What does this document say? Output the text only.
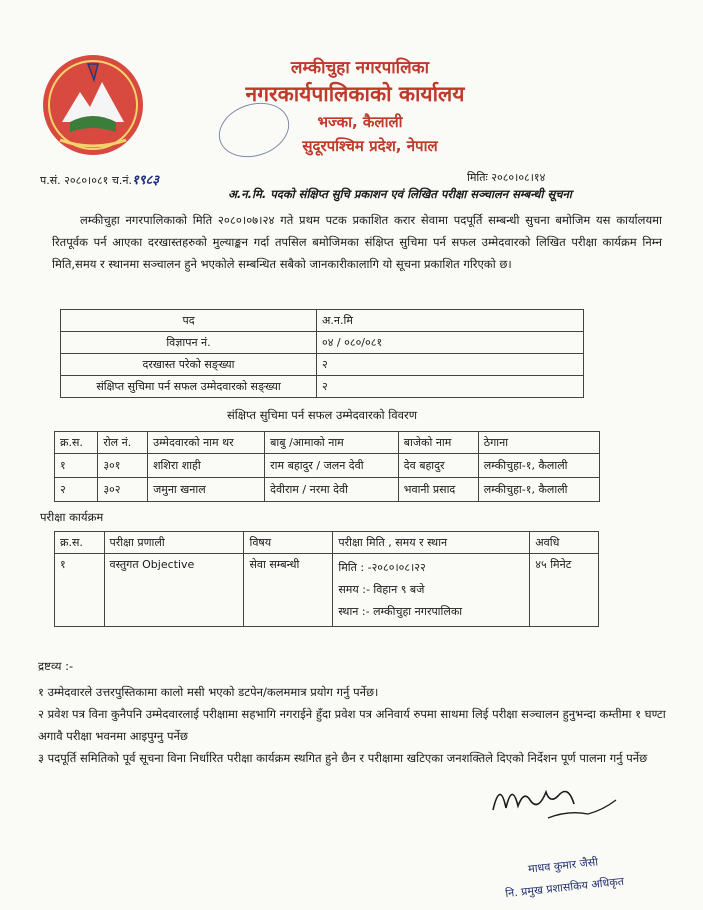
लम्कीचुहा नगरपालिका
नगरकार्यपालिकाको कार्यालय
भज्का, कैलाली
सुदूरपश्चिम प्रदेश, नेपाल
प.सं. २०८०।०८१ च.नं.१९८३	मितिः २०८०।०८।१४
अ.न.मि. पदको संक्षिप्त सुचि प्रकाशन एवं लिखित परीक्षा सञ्चालन सम्बन्धी सूचना

लम्कीचुहा नगरपालिकाको मिति २०८०।०७।२४ गते प्रथम पटक प्रकाशित करार सेवामा पदपूर्ति सम्बन्धी सुचना बमोजिम यस कार्यालयमा रितपूर्वक पर्न आएका दरखास्तहरुको मुल्याङ्कन गर्दा तपसिल बमोजिमका संक्षिप्त सुचिमा पर्न सफल उम्मेदवारको लिखित परीक्षा कार्यक्रम निम्न मिति,समय र स्थानमा सञ्चालन हुने भएकोले सम्बन्धित सबैको जानकारीकालागि यो सूचना प्रकाशित गरिएको छ।

पद	अ.न.मि
विज्ञापन नं.	०४ / ०८०/०८१
दरखास्त परेको सङ्ख्या	२
संक्षिप्त सुचिमा पर्न सफल उम्मेदवारको सङ्ख्या	२
संक्षिप्त सुचिमा पर्न सफल उम्मेदवारको विवरण
क्र.स.	रोल नं.	उम्मेदवारको नाम थर	बाबु /आमाको नाम	बाजेको नाम	ठेगाना
१	३०१	शशिरा शाही	राम बहादुर / जलन देवी	देव बहादुर	लम्कीचुहा-१, कैलाली
२	३०२	जमुना खनाल	देवीराम / नरमा देवी	भवानी प्रसाद	लम्कीचुहा-१, कैलाली
परीक्षा कार्यक्रम
क्र.स.	परीक्षा प्रणाली	विषय	परीक्षा मिति , समय र स्थान	अवधि
१	वस्तुगत Objective	सेवा सम्बन्धी	मिति : -२०८०।०८।२२
समय :- विहान ९ बजे
स्थान :- लम्कीचुहा नगरपालिका	४५ मिनेट
द्रष्टव्य :-
१ उम्मेदवारले उत्तरपुस्तिकामा कालो मसी भएको डटपेन/कलममात्र प्रयोग गर्नु पर्नेछ।
२ प्रवेश पत्र विना कुनैपनि उम्मेदवारलाई परीक्षामा सहभागि नगराईने हुँदा प्रवेश पत्र अनिवार्य रुपमा साथमा लिई परीक्षा सञ्चालन हुनुभन्दा कम्तीमा १ घण्टा अगावै परीक्षा भवनमा आइपुग्नु पर्नेछ
३ पदपूर्ति समितिको पूर्व सूचना विना निर्धारित परीक्षा कार्यक्रम स्थगित हुने छैन र परीक्षामा खटिएका जनशक्तिले दिएको निर्देशन पूर्ण पालना गर्नु पर्नेछ
माधव कुमार जैसी
नि. प्रमुख प्रशासकिय अधिकृत
